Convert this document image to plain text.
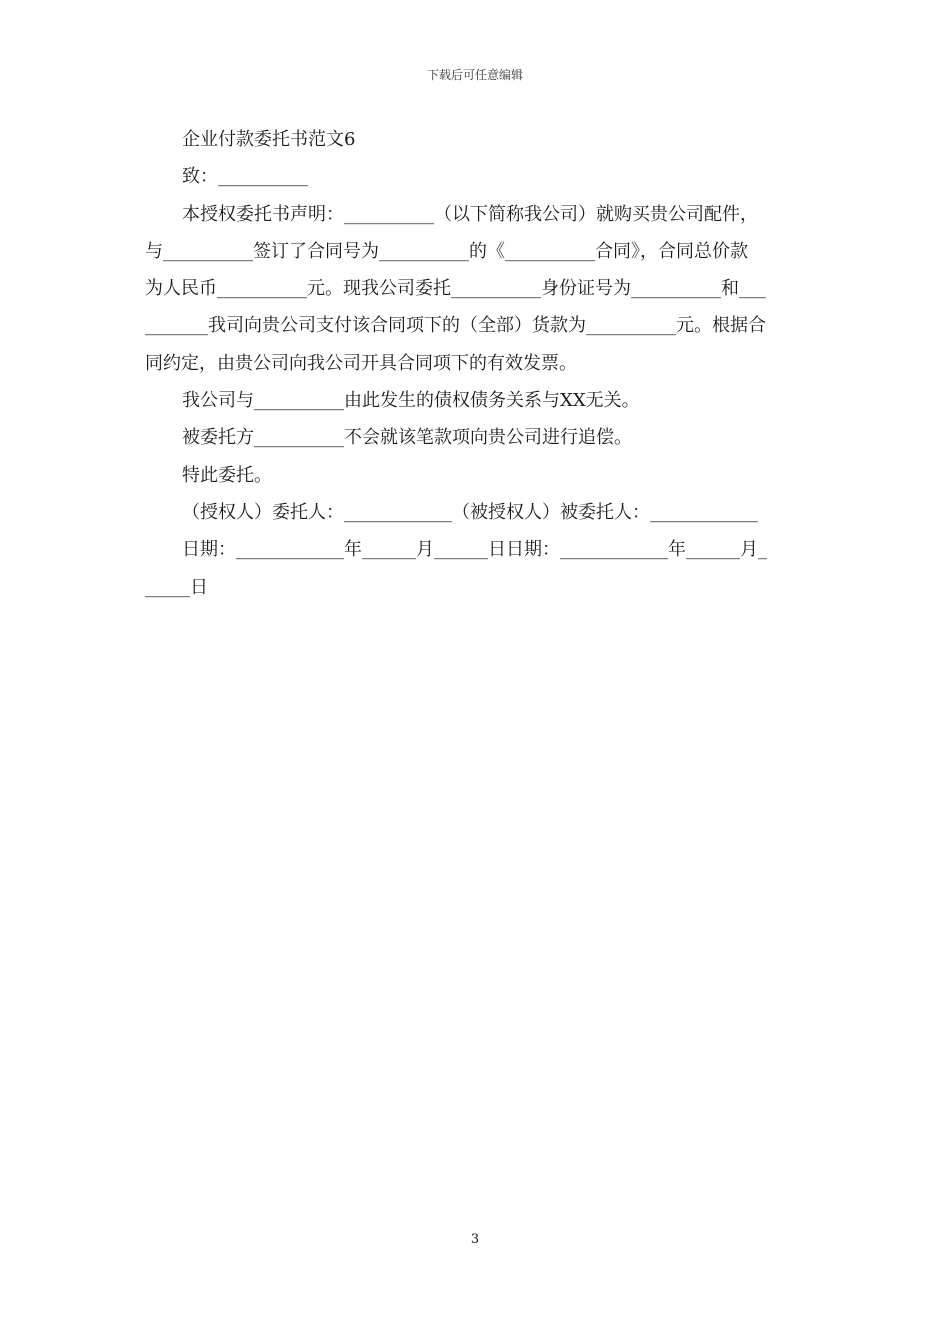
下载后可任意编辑
企业付款委托书范文6
致：__________
本授权委托书声明：__________（以下简称我公司）就购买贵公司配件，
与__________签订了合同号为__________的《__________合同》，合同总价款
为人民币__________元。现我公司委托__________身份证号为__________和___
_______我司向贵公司支付该合同项下的（全部）货款为__________元。根据合
同约定，由贵公司向我公司开具合同项下的有效发票。
我公司与__________由此发生的债权债务关系与XX无关。
被委托方__________不会就该笔款项向贵公司进行追偿。
特此委托。
（授权人）委托人：____________（被授权人）被委托人：____________
日期：____________年______月______日日期：____________年______月_
_____日
3
